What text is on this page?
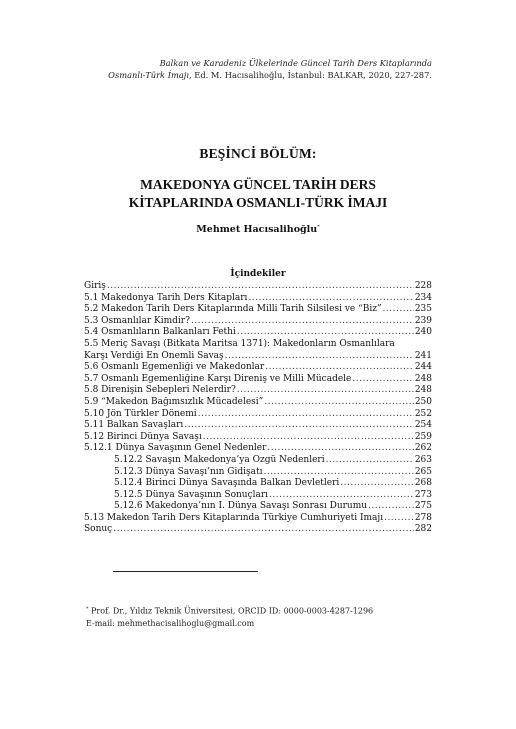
Balkan ve Karadeniz Ülkelerinde Güncel Tarih Ders Kitaplarında
Osmanlı-Türk İmajı, Ed. M. Hacısalihoğlu, İstanbul: BALKAR, 2020, 227-287.
BEŞİNCİ BÖLÜM:
MAKEDONYA GÜNCEL TARİH DERS
KİTAPLARINDA OSMANLI-TÜRK İMAJI
Mehmet Hacısalihoğlu*
İçindekiler
Giriş .....	228
5.1 Makedonya Tarih Ders Kitapları .....	234
5.2 Makedon Tarih Ders Kitaplarında Milli Tarih Silsilesi ve “Biz” .....	235
5.3 Osmanlılar Kimdir? .....	239
5.4 Osmanlıların Balkanları Fethi .....	240
5.5 Meriç Savaşı (Bitkata Maritsa 1371): Makedonların Osmanlılara
Karşı Verdiği En Önemli Savaş .....	241
5.6 Osmanlı Egemenliği ve Makedonlar .....	244
5.7 Osmanlı Egemenliğine Karşı Direniş ve Milli Mücadele .....	248
5.8 Direnişin Sebepleri Nelerdir? .....	248
5.9 “Makedon Bağımsızlık Mücadelesi” .....	250
5.10 Jön Türkler Dönemi .....	252
5.11 Balkan Savaşları .....	254
5.12 Birinci Dünya Savaşı .....	259
5.12.1 Dünya Savaşının Genel Nedenler .....	262
5.12.2 Savaşın Makedonya’ya Özgü Nedenleri .....	263
5.12.3 Dünya Savaşı’nın Gidişatı .....	265
5.12.4 Birinci Dünya Savaşında Balkan Devletleri .....	268
5.12.5 Dünya Savaşının Sonuçları .....	273
5.12.6 Makedonya’nın I. Dünya Savaşı Sonrası Durumu .....	275
5.13 Makedon Tarih Ders Kitaplarında Türkiye Cumhuriyeti İmajı .....	278
Sonuç .....	282
* Prof. Dr., Yıldız Teknik Üniversitesi, ORCID ID: 0000-0003-4287-1296
E-mail: mehmethacisalihoglu@gmail.com
